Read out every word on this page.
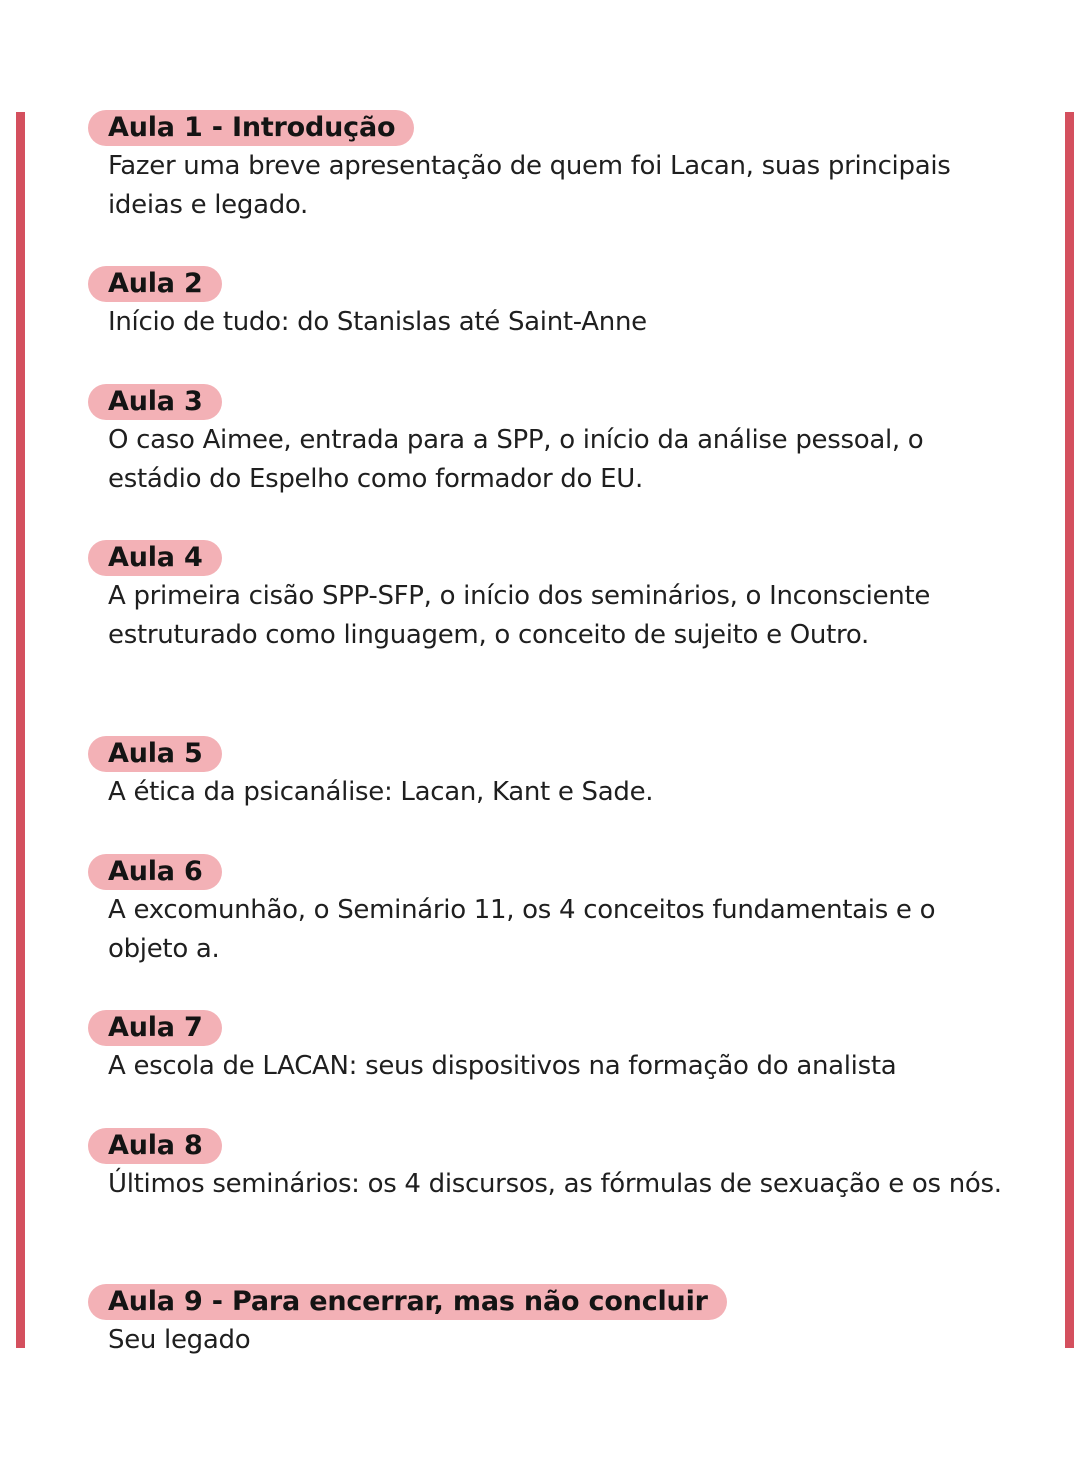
Aula 1 - Introdução
Fazer uma breve apresentação de quem foi Lacan, suas principais ideias e legado.
Aula 2
Início de tudo: do Stanislas até Saint-Anne
Aula 3
O caso Aimee, entrada para a SPP, o início da análise pessoal, o estádio do Espelho como formador do EU.
Aula 4
A primeira cisão SPP-SFP, o início dos seminários, o Inconsciente estruturado como linguagem, o conceito de sujeito e Outro.
Aula 5
A ética da psicanálise: Lacan, Kant e Sade.
Aula 6
A excomunhão, o Seminário 11, os 4 conceitos fundamentais e o objeto a.
Aula 7
A escola de LACAN: seus dispositivos na formação do analista
Aula 8
Últimos seminários: os 4 discursos, as fórmulas de sexuação e os nós.
Aula 9 - Para encerrar, mas não concluir
Seu legado
